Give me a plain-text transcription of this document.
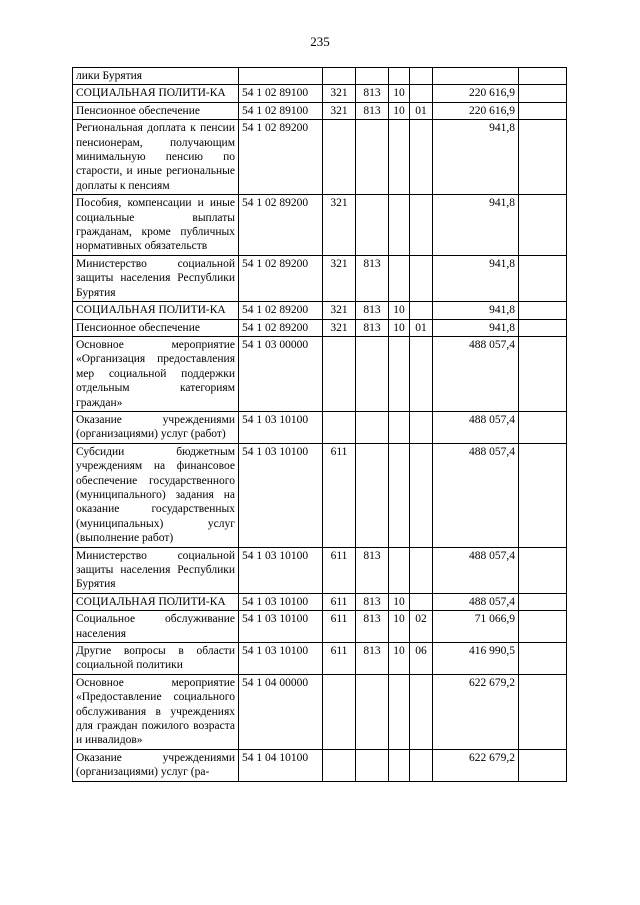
235
лики Бурятия							
СОЦИАЛЬНАЯ ПОЛИТИ-КА	54 1 02 89100	321	813	10		220 616,9	
Пенсионное обеспечение	54 1 02 89100	321	813	10	01	220 616,9	
Региональная доплата к пенсии пенсионерам, получающим минимальную пенсию по старости, и иные региональные доплаты к пенсиям	54 1 02 89200					941,8	
Пособия, компенсации и иные социальные выплаты гражданам, кроме публичных нормативных обязательств	54 1 02 89200	321				941,8	
Министерство социальной защиты населения Республики Бурятия	54 1 02 89200	321	813			941,8	
СОЦИАЛЬНАЯ ПОЛИТИ-КА	54 1 02 89200	321	813	10		941,8	
Пенсионное обеспечение	54 1 02 89200	321	813	10	01	941,8	
Основное мероприятие «Организация предоставления мер социальной поддержки отдельным категориям граждан»	54 1 03 00000					488 057,4	
Оказание учреждениями (организациями) услуг (работ)	54 1 03 10100					488 057,4	
Субсидии бюджетным учреждениям на финансовое обеспечение государственного (муниципального) задания на оказание государственных (муниципальных) услуг (выполнение работ)	54 1 03 10100	611				488 057,4	
Министерство социальной защиты населения Республики Бурятия	54 1 03 10100	611	813			488 057,4	
СОЦИАЛЬНАЯ ПОЛИТИ-КА	54 1 03 10100	611	813	10		488 057,4	
Социальное обслуживание населения	54 1 03 10100	611	813	10	02	71 066,9	
Другие вопросы в области социальной политики	54 1 03 10100	611	813	10	06	416 990,5	
Основное мероприятие «Предоставление социального обслуживания в учреждениях для граждан пожилого возраста и инвалидов»	54 1 04 00000					622 679,2	
Оказание учреждениями (организациями) услуг (ра-	54 1 04 10100					622 679,2	
